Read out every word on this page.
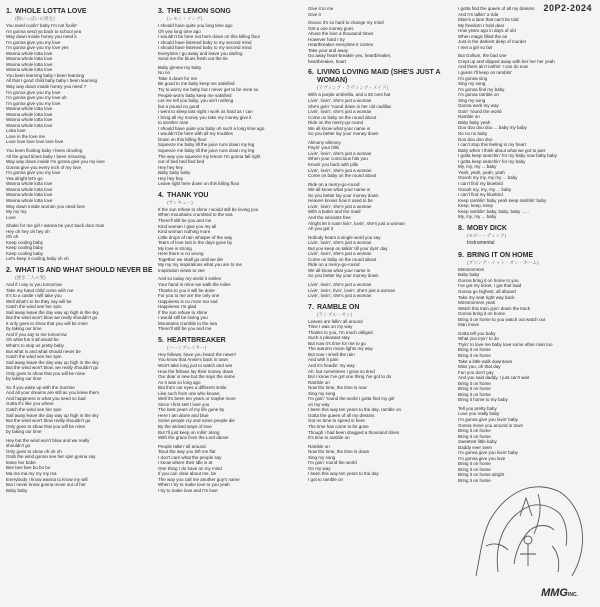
20P2-2024
1. WHOLE LOTTA LOVE
(胸いっぱいの愛を)
You need coolin' baby I'm not foolin'
I'm gonna send ya back to school yea
Way down inside honey you need it
I'm gonna give you my love
I'm gonna give you my love yes
Wanna whole lotta love
Wanna whole lotta love
Wanna whole lotta love
Wanna whole lotta love
You been learning baby I been learning
All that I good child baby baby I been learning
Way way down inside honey you need ?
I'm gonna give you my love
I'm gonna give you my love uh
I'm gonna give you my love
Wanna whole lotta love
Wanna whole lotta love
Wanna whole lotta love
Wanna whole lotta love
Lotta love
Love in the love me
Love love love love love love
You been flooling baby I been drooling
All the good times baby I been misusing
Way way down inside I'm gonna give you my love
Gonna give you every inch of my love
I'm gonna give you my love
Yea alright let's go
Wanna whole lotta love
Wanna whole lotta love
Wanna whole lotta love
Wanna whole lotta love
Way down inside woman you need love
My my my
Love
Shake for me girl I wanna be your back door man
Hey oh hey oh hey oh
Oh oh
Keep cooling baby
Keep cooling baby
Keep cooling baby
Let's keep it cooling baby oh oh
2. WHAT IS AND WHAT SHOULD NEVER BE
(強き二人の愛)
And if I say to you tomorrow
Take my hand child come with me
It's to a castle I will take you
Well what's to be they say will be
Catch the wind see her spin
Sail away leave the day way up high in the sky
But the wind won't blow we really shouldn't go
It only goes to show that you will be mine
by taking our time
And if you say to me tomorrow
Oh what fun it all would be
What's to stop us pretty baby
But what is and what should never be
Catch the wind see her spin
Sail away leave the day way up high in the sky
But the wind won't blow, we really shouldn't go
Only goes to show that you will be mine
by taking our time
So if you wake up with the Sunrise
And all your dreams are still as you knew them
And happiness is what you need so bad
Gotta it's like you where
Catch the wind see her spin
Sail away leave the day way up high in the sky
But the wind won't blow really shouldn't go
Only goes to show that you will be mine
by taking our time
Hey but the wind won't blow and we really
shouldn't go
Only goes to show oh oh oh
Grab the wind gonna see her spin gonna say
leave her babe
Bee bee bee bo bo bo
Ma ma ma my my my ma
Everybody I know wanna to know my will
But I never know gonna move out of her
Baby baby
3. THE LEMON SONG
(レモン・ソング)
I should have quite you long time ago
Oh yea long time ago
I wouldn't be here not here down on this killing floor
I should have listened baby to my second mind
I should have listened baby to my second mind
Everytime I go away and leave you darling
Send me the blues fresh out the tie
Baby gimme my baby
No no
Take it down for me
Be good to me baby keep me satisfied
Try to worry me baby but I never get to be mine so
People worry baby keep me satisfied
Let me tell you baby, you ain't nothing
but a pound no good
I went to sleep last night I work as hard as I can
I bring all my money you take my money give it
to another man
I should have quite you baby oh such a long time ago
I wouldn't be here with all my troubles
Down on this killing floor
Squeeze me baby till the juice runs down my leg
Squeeze me baby till the juice runs down my leg
The way you squeeze my lemon I'm gonna fall right
out of bed bed bed bed
Hey hey hey
Baby baby baby
Hey hey hey
Leave right here down on this killing floor
4. THANK YOU
(サンキュー)
If the sun refuse to shine I would still be loving you
When mountains crumbled to the sea
There'll still be you and me
Kind woman I give you my all
Kind woman nothing more
Little drops of rain whisper of the way
Tears of love lost in the days gone by
My love is strong
Here there is no wrong
Together we shall go until we die
My my my inspirations what you are to me
Inspiration views to see
And so today my world it smiles
Your hand in mine we walk the miles
Thanks to you it will be done
For you to me are the only one
Happiness is no more too sad
Happiness I'm glad
If the sun refuse to shine
I would still be loving you
Mountains crumble to the sea
There'll still be you and me
5. HEARTBREAKER
(ハートブレイカー)
Hey fellows, have you heard the news?
You know that Annie's back in town
Won't take long just to watch and see
How the fellows lay their money down
Our dear is new but the says the same
As it was so long ago
But from our eyes a different smile
Like such from one who knows
Well it's been ten years or maybe more
Since I first sett I love you
The best years of my life gone by
Here I am alone and blue
Some people cry and some people die
By the wicked ways of love
But I'll just keep on rollin' along
With the grace from the Lord above
People talkin' all around
'Bout the way you left me flat
I don't care what the people say
I know where their idle is at
One thing I do have on my mind
If you can clear about me, be
The way you call me another guy's name
When I try to make love to you yeah
I try to make love and I'm lose
Give it to me
Give it
Ooooo it's so hard to change my mind
Get a one money goes
Abuse the love a thousand times
However hard I try
Heartbreaker everytime it comes
Take your and away
Go away heart-breaker yes, heartbreaker,
heartbreaker, heart
6. LIVING LOVING MAID (SHE'S JUST A WOMAN)
(リヴィング・ラヴィング・メイド)
With a purple umbrella, and a 50 cent hat
Livin', lovin', she's just a woman
She's goin' 'round down in her old cadillac
Livin', lovin', she's just a woman
Come on baby on the round about
Ride on the merry-go round
We all know what your name is
So you better lay your money down
Alimony alimony
Payin' your bills
Livin', lovin', she's just a woman
When your conscious hits you
Knock you back with pills
Livin', lovin', she's just a woman
Come on baby on the round about
Ride on a merry-go-round
We all know what your name is
So you better lay your money down
Heaven knows how it used to be
Livin', lovin', she's just a woman
With a butler and the maid
And the servants free
Alright let it roam livin', lovin', she's just a woman
Ah you got it
Nobody hears a single word you say
Livin', lovin', she's just a woman
But you keep on talkin' till your dyin' day
Livin', lovin', she's just a woman
Come on baby on the round about
Ride on a merry-go-round
We all know what your name is
So you better lay your money down
Livin', lovin', she's just a woman
Livin', lovin', livin', lovin', she's just a woman
Livin', lovin', she's just a woman
7. RAMBLE ON
(ランブル・オン)
Leaves are fallin' all around
Time I was on my way
Thanks to you, I'm much obliged
Such a pleasant stay
But now it's time for me to go
The autumn moon lights my way
But now I smell the rain
And with it pain
And it's headin' my way
Ah, but sometimes I grow so tired
But I know I've got one thing I've got to do
Ramble on
Now the time, the time is now
Sing my song
I'm goin' 'round the world I gotta find my girl
on my way
I been this way ten years to the day, ramble on
Gotta the queen of all my dreams
Got no time to spend in here
The time has come to be gone
Though I had been dragged a thousand times
It's time to ramble on
Ramble on
Now the time, the time is down
Sing my song
I'm goin' round the world
On my way
I been this way ten years to the day
I got to ramble on
I gotta find the queen of all my dreams
And I'm talkin' a ride
Mine's a lane that can't be told
My freedom I hold dear
How years ago in days of old
When magic filled the air
Just in the darkest deep of murder
I met a girl so fair
But Gollum, the bad one
Crept up and slipped away with her her her yeah
And there ain't nothin' I can do now
I guess I'll keep on ramblin'
I'm gonna sing
Sing my song
I'm gonna find my baby
I'm gonna ramble on
Sing my song
Gonna work my way
Goin' 'round the world
Ramble on
Baby baby yeah
Doo doo doo doo ... baby my baby
No no no baby
Doo doo doo doo
I can't stop this feeling in my heart
Baby when I think about what we got to part
I gotta keep searchin' for my baby now baby baby
I gotta keep searchin' for my baby
My, my, my ... baby
Yeah, yeah, yeah, yeah
Ooooh my my, my my ... baby
I can't find my bluebird
Ooooh my, my, my ... baby
I can't find my bluebird
Keep ramblin' baby yeah keep ramblin' baby
Keep, keep, keep
Keep ramblin' baby, baby, baby ......
My, my, my ... baby
8. MOBY DICK
(モビー・ディック)
Instrumental
9. BRING IT ON HOME
(ブリング・イット・オン・ホーム)
Mmmmmmm
Baby baby
Gonna bring it on home to you
I've got my ticket, I got that load
Gonna go highest, all aboard
Take my seat right way back
Mmmmmmm yeah
Watch this train goin' down the track
Gonna bring it on home
Bring it on home to you watch out watch out
Man move
Gotta tell you baby
What you tryin' to do
Tryin' to love me baby love some other man too
Bring it on home
Bring it on home
Take a little walk downtown
Miss you, oh that day
Fun you don't pay
And you said daddy, I just can't wait
Bring it on home
Bring it on home
Bring it on home
Bring it home to my baby
Tell you pretty baby
Love you really baby
I'm gonna give you lovin' baby
Gonna move you around in town
Bring it on home
Bring it on home
Sweetest little baby
Daddy ever seen
I'm gonna give you lovin' baby
I'm gonna give you love
Bring it on home
Bring it on home
Bring it on home alright
Bring it on home
MMGINC.
